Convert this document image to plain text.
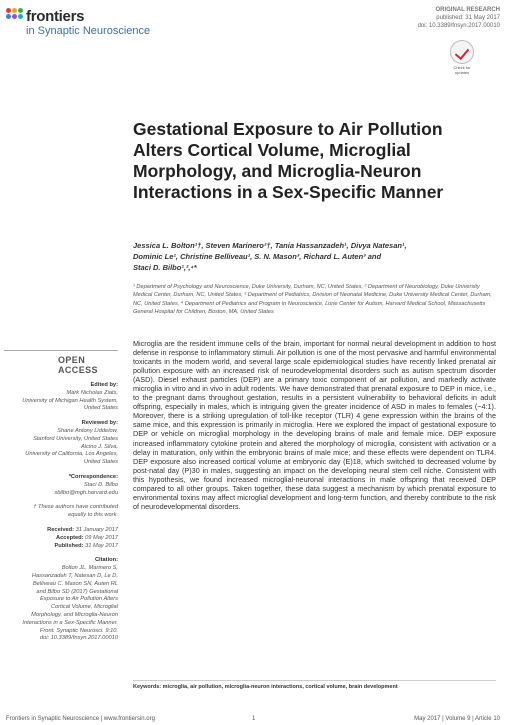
frontiers
in Synaptic Neuroscience
ORIGINAL RESEARCH
published: 31 May 2017
doi: 10.3389/fnsyn.2017.00010
Check for updates
Gestational Exposure to Air Pollution Alters Cortical Volume, Microglial Morphology, and Microglia-Neuron Interactions in a Sex-Specific Manner
Jessica L. Bolton¹†, Steven Marinero²†, Tania Hassanzadeh¹, Divya Natesan¹,
Dominic Le¹, Christine Belliveau¹, S. N. Mason³, Richard L. Auten³ and
Staci D. Bilbo¹,²,⁴*
¹ Department of Psychology and Neuroscience, Duke University, Durham, NC, United States, ² Department of Neurobiology, Duke University Medical Center, Durham, NC, United States, ³ Department of Pediatrics, Division of Neonatal Medicine, Duke University Medical Center, Durham, NC, United States, ⁴ Department of Pediatrics and Program in Neuroscience, Lurie Center for Autism, Harvard Medical School, Massachusetts General Hospital for Children, Boston, MA, United States
OPEN ACCESS
Edited by:
Mark Nicholas Ziats,
University of Michigan Health System,
United States
Reviewed by:
Shane Antony Liddelow,
Stanford University, United States
Alcino J. Silva,
University of California, Los Angeles,
United States
*Correspondence:
Staci D. Bilbo
sbilbo@mgh.harvard.edu
† These authors have contributed
equally to this work.
Received: 31 January 2017
Accepted: 09 May 2017
Published: 31 May 2017
Citation:
Bolton JL, Marinero S,
Hassanzadeh T, Natesan D, Le D,
Belliveau C, Mason SN, Auten RL
and Bilbo SD (2017) Gestational
Exposure to Air Pollution Alters
Cortical Volume, Microglial
Morphology, and Microglia-Neuron
Interactions in a Sex-Specific Manner.
Front. Synaptic Neurosci. 9:10.
doi: 10.3389/fnsyn.2017.00010

Microglia are the resident immune cells of the brain, important for normal neural development in addition to host defense in response to inflammatory stimuli. Air pollution is one of the most pervasive and harmful environmental toxicants in the modern world, and several large scale epidemiological studies have recently linked prenatal air pollution exposure with an increased risk of neurodevelopmental disorders such as autism spectrum disorder (ASD). Diesel exhaust particles (DEP) are a primary toxic component of air pollution, and markedly activate microglia in vitro and in vivo in adult rodents. We have demonstrated that prenatal exposure to DEP in mice, i.e., to the pregnant dams throughout gestation, results in a persistent vulnerability to behavioral deficits in adult offspring, especially in males, which is intriguing given the greater incidence of ASD in males to females (~4:1). Moreover, there is a striking upregulation of toll-like receptor (TLR) 4 gene expression within the brains of the same mice, and this expression is primarily in microglia. Here we explored the impact of gestational exposure to DEP or vehicle on microglial morphology in the developing brains of male and female mice. DEP exposure increased inflammatory cytokine protein and altered the morphology of microglia, consistent with activation or a delay in maturation, only within the embryonic brains of male mice; and these effects were dependent on TLR4. DEP exposure also increased cortical volume at embryonic day (E)18, which switched to decreased volume by post-natal day (P)30 in males, suggesting an impact on the developing neural stem cell niche. Consistent with this hypothesis, we found increased microglial-neuronal interactions in male offspring that received DEP compared to all other groups. Taken together, these data suggest a mechanism by which prenatal exposure to environmental toxins may affect microglial development and long-term function, and thereby contribute to the risk of neurodevelopmental disorders.

Keywords: microglia, air pollution, microglia-neuron interactions, cortical volume, brain development
Frontiers in Synaptic Neuroscience | www.frontiersin.org	1	May 2017 | Volume 9 | Article 10
